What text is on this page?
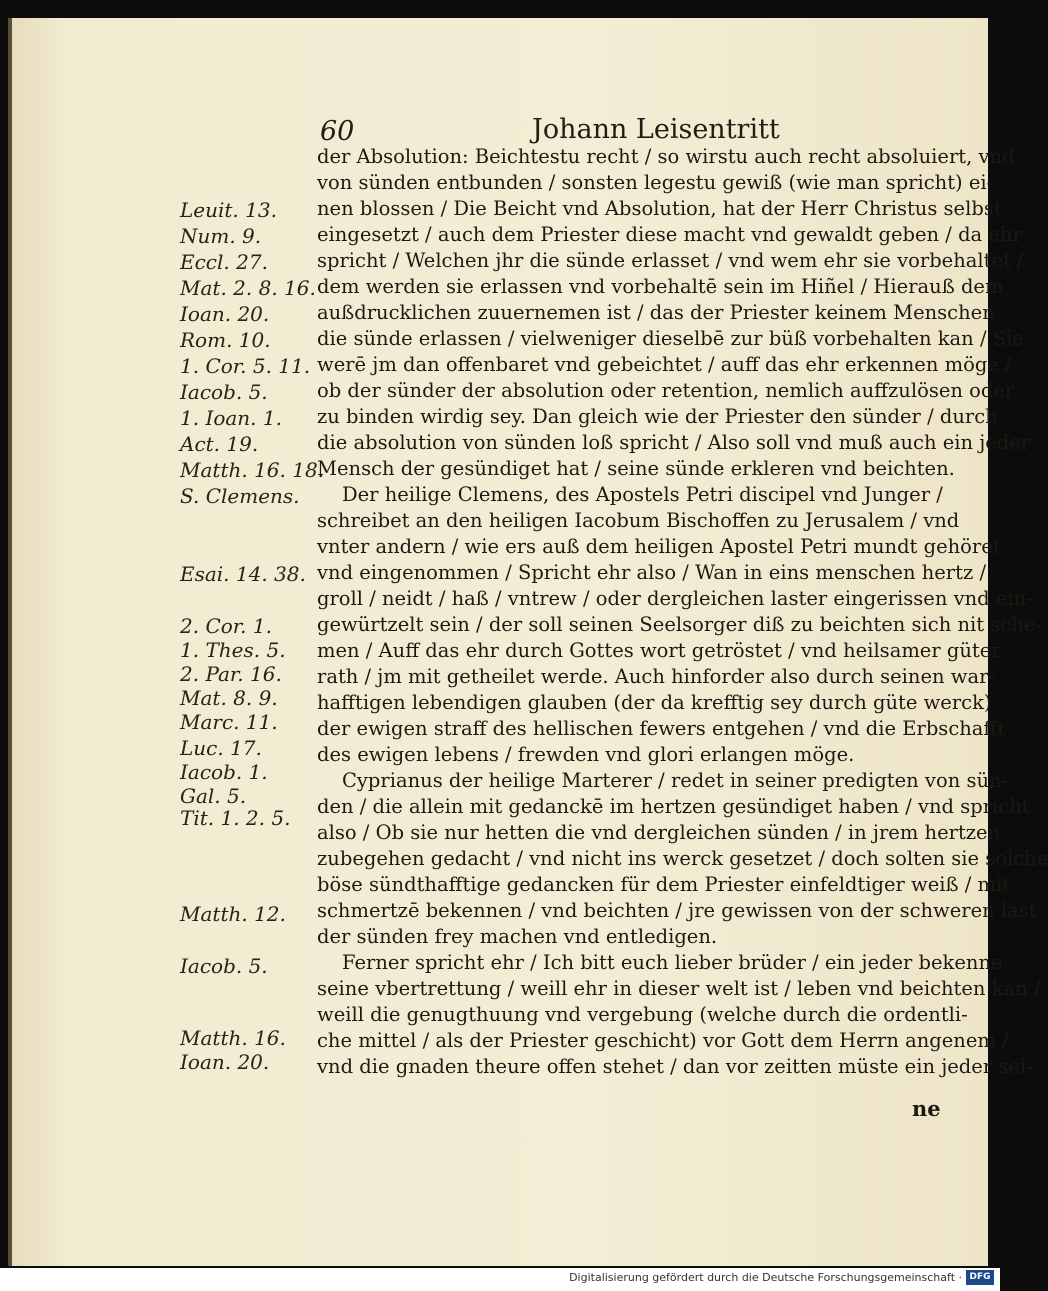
60	Johann Leisentritt
Leuit. 13.
Num. 9.
Eccl. 27.
Mat. 2. 8. 16.
Ioan. 20.
Rom. 10.
1. Cor. 5. 11.
Iacob. 5.
1. Ioan. 1.
Act. 19.
Matth. 16. 18.
S. Clemens.
Esai. 14. 38.
2. Cor. 1.
1. Thes. 5.
2. Par. 16.
Mat. 8. 9.
Marc. 11.
Luc. 17.
Iacob. 1.
Gal. 5.
Tit. 1. 2. 5.
Matth. 12.
Iacob. 5.
Matth. 16.
Ioan. 20.
der Absolution: Beichtestu recht / so wirstu auch recht absoluiert, vnd
von sünden entbunden / sonsten legestu gewiß (wie man spricht) ei-
nen blossen / Die Beicht vnd Absolution, hat der Herr Christus selbst
eingesetzt / auch dem Priester diese macht vnd gewaldt geben / da ehr
spricht / Welchen jhr die sünde erlasset / vnd wem ehr sie vorbehaltet /
dem werden sie erlassen vnd vorbehaltē sein im Hiñel / Hierauß dem
außdrucklichen zuuernemen ist / das der Priester keinem Menschen
die sünde erlassen / vielweniger dieselbē zur büß vorbehalten kan / Sie
werē jm dan offenbaret vnd gebeichtet / auff das ehr erkennen möge /
ob der sünder der absolution oder retention, nemlich auffzulösen oder
zu binden wirdig sey. Dan gleich wie der Priester den sünder / durch
die absolution von sünden loß spricht / Also soll vnd muß auch ein jeder
Mensch der gesündiget hat / seine sünde erkleren vnd beichten.
Der heilige Clemens, des Apostels Petri discipel vnd Junger /
schreibet an den heiligen Iacobum Bischoffen zu Jerusalem / vnd
vnter andern / wie ers auß dem heiligen Apostel Petri mundt gehöret
vnd eingenommen / Spricht ehr also / Wan in eins menschen hertz /
groll / neidt / haß / vntrew / oder dergleichen laster eingerissen vnd ein-
gewürtzelt sein / der soll seinen Seelsorger diß zu beichten sich nit sche-
men / Auff das ehr durch Gottes wort getröstet / vnd heilsamer güter
rath / jm mit getheilet werde. Auch hinforder also durch seinen war-
hafftigen lebendigen glauben (der da krefftig sey durch güte werck)
der ewigen straff des hellischen fewers entgehen / vnd die Erbschafft
des ewigen lebens / frewden vnd glori erlangen möge.
Cyprianus der heilige Marterer / redet in seiner predigten von sün-
den / die allein mit gedanckē im hertzen gesündiget haben / vnd spricht
also / Ob sie nur hetten die vnd dergleichen sünden / in jrem hertzen
zubegehen gedacht / vnd nicht ins werck gesetzet / doch solten sie solche
böse sündthafftige gedancken für dem Priester einfeldtiger weiß / mit
schmertzē bekennen / vnd beichten / jre gewissen von der schweren last
der sünden frey machen vnd entledigen.
Ferner spricht ehr / Ich bitt euch lieber brüder / ein jeder bekenne
seine vbertrettung / weill ehr in dieser welt ist / leben vnd beichten kan /
weill die genugthuung vnd vergebung (welche durch die ordentli-
che mittel / als der Priester geschicht) vor Gott dem Herrn angenem /
vnd die gnaden theure offen stehet / dan vor zeitten müste ein jeder sei-
ne
Digitalisierung gefördert durch die Deutsche Forschungsgemeinschaft · DFG
